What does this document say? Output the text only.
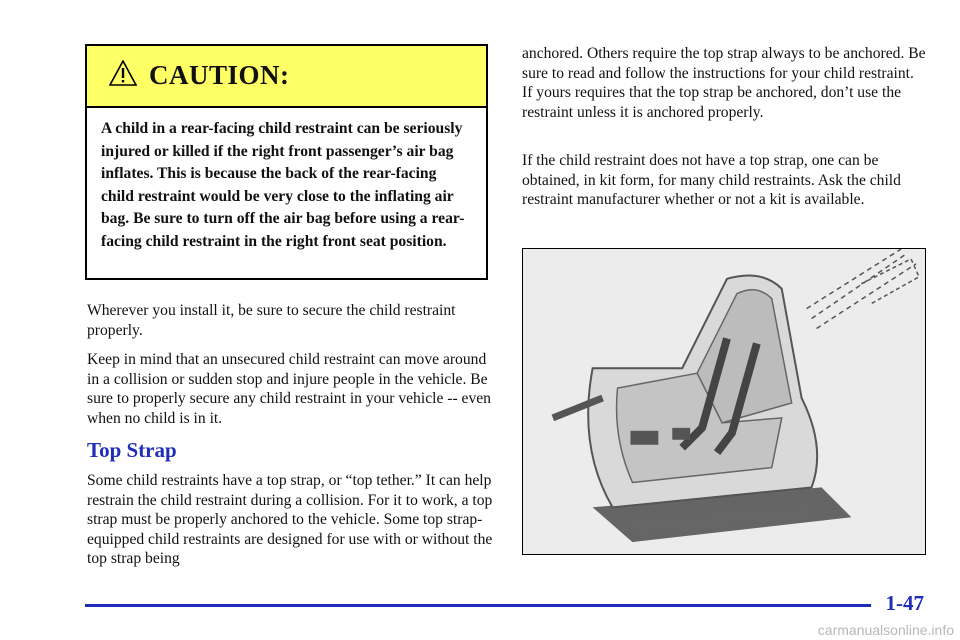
CAUTION:
A child in a rear-facing child restraint can be seriously injured or killed if the right front passenger’s air bag inflates. This is because the back of the rear-facing child restraint would be very close to the inflating air bag. Be sure to turn off the air bag before using a rear-facing child restraint in the right front seat position.

Wherever you install it, be sure to secure the child restraint properly.

Keep in mind that an unsecured child restraint can move around in a collision or sudden stop and injure people in the vehicle. Be sure to properly secure any child restraint in your vehicle -- even when no child is in it.

Top Strap

Some child restraints have a top strap, or “top tether.” It can help restrain the child restraint during a collision. For it to work, a top strap must be properly anchored to the vehicle. Some top strap-equipped child restraints are designed for use with or without the top strap being

anchored. Others require the top strap always to be anchored. Be sure to read and follow the instructions for your child restraint. If yours requires that the top strap be anchored, don’t use the restraint unless it is anchored properly.

If the child restraint does not have a top strap, one can be obtained, in kit form, for many child restraints. Ask the child restraint manufacturer whether or not a kit is available.

1-47
carmanualsonline.info
